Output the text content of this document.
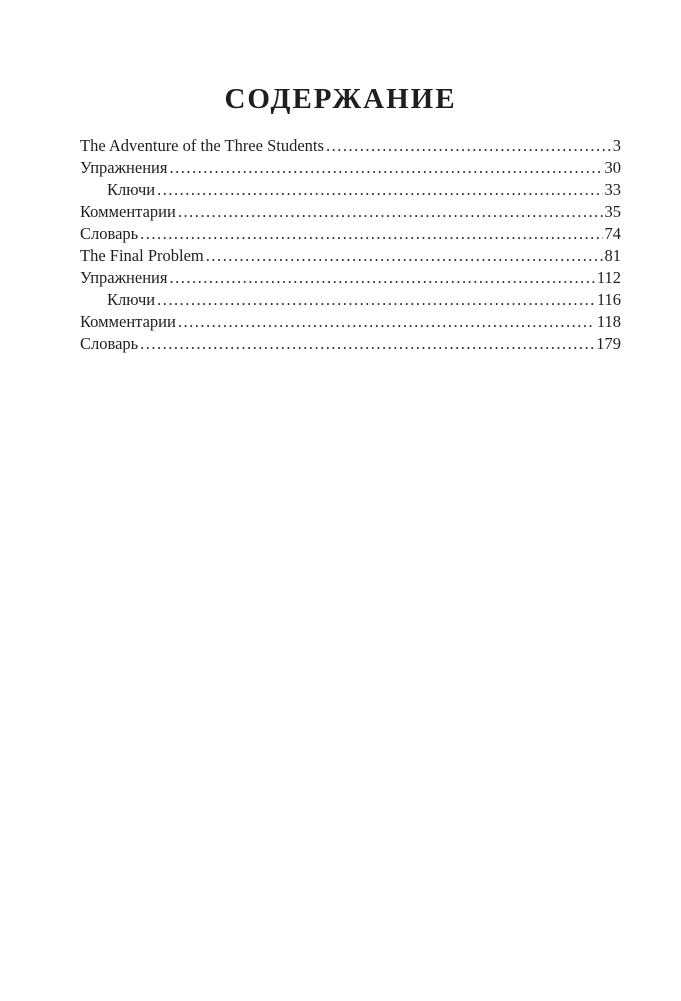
СОДЕРЖАНИЕ
The Adventure of the Three Students .....	3
Упражнения .....	30
Ключи .....	33
Комментарии .....	35
Словарь .....	74
The Final Problem .....	81
Упражнения .....	112
Ключи .....	116
Комментарии .....	118
Словарь .....	179
